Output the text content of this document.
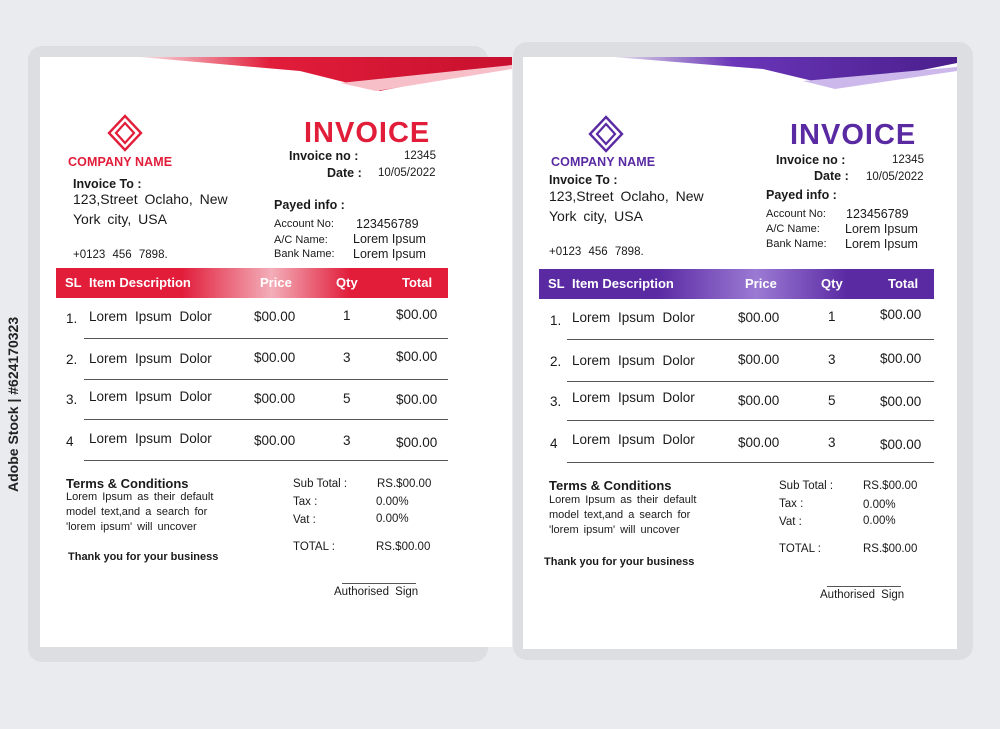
Adobe Stock | #624170323
COMPANY NAME
INVOICE
Invoice no :	12345
Date : 10/05/2022
Invoice To :
123,Street Oclaho, New York city, USA
+0123 456 7898.
Payed info :
Account No: 123456789
A/C Name: Lorem Ipsum
Bank Name: Lorem Ipsum
SL Item Description	Price	Qty	Total
1. Lorem Ipsum Dolor	$00.00	1	$00.00
2. Lorem Ipsum Dolor	$00.00	3	$00.00
3. Lorem Ipsum Dolor	$00.00	5	$00.00
4 Lorem Ipsum Dolor	$00.00	3	$00.00
Terms & Conditions
Lorem Ipsum as their default model text,and a search for 'lorem ipsum' will uncover
Thank you for your business
Sub Total :	RS.$00.00
Tax :	0.00%
Vat :	0.00%
TOTAL :	RS.$00.00
Authorised Sign
COMPANY NAME
INVOICE
Invoice no :	12345
Date : 10/05/2022
Invoice To :
123,Street Oclaho, New York city, USA
+0123 456 7898.
Payed info :
Account No: 123456789
A/C Name: Lorem Ipsum
Bank Name: Lorem Ipsum
SL Item Description	Price	Qty	Total
1. Lorem Ipsum Dolor	$00.00	1	$00.00
2. Lorem Ipsum Dolor	$00.00	3	$00.00
3. Lorem Ipsum Dolor	$00.00	5	$00.00
4 Lorem Ipsum Dolor	$00.00	3	$00.00
Terms & Conditions
Lorem Ipsum as their default model text,and a search for 'lorem ipsum' will uncover
Thank you for your business
Sub Total :	RS.$00.00
Tax :	0.00%
Vat :	0.00%
TOTAL :	RS.$00.00
Authorised Sign
